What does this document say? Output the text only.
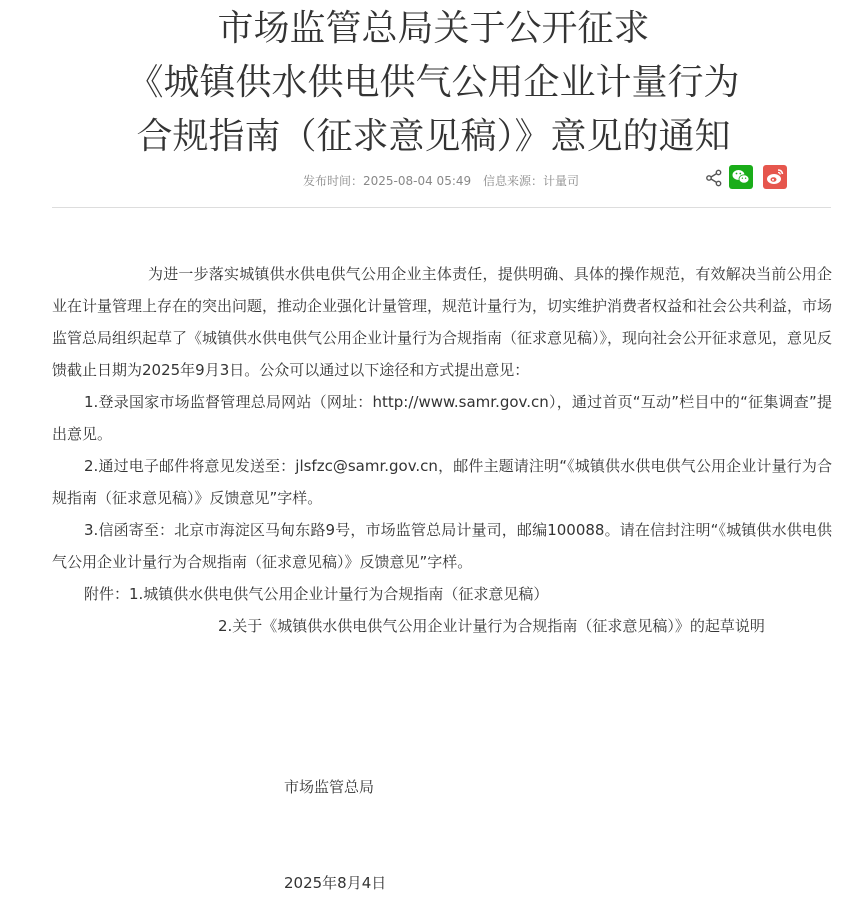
市场监管总局关于公开征求
《城镇供水供电供气公用企业计量行为
合规指南（征求意见稿）》意见的通知
发布时间：2025-08-04 05:49 信息来源：计量司

为进一步落实城镇供水供电供气公用企业主体责任，提供明确、具体的操作规范，有效解决当前公用企业在计量管理上存在的突出问题，推动企业强化计量管理，规范计量行为，切实维护消费者权益和社会公共利益，市场监管总局组织起草了《城镇供水供电供气公用企业计量行为合规指南（征求意见稿）》，现向社会公开征求意见，意见反馈截止日期为2025年9月3日。公众可以通过以下途径和方式提出意见：

1.登录国家市场监督管理总局网站（网址：http://www.samr.gov.cn），通过首页“互动”栏目中的“征集调查”提出意见。

2.通过电子邮件将意见发送至：jlsfzc@samr.gov.cn，邮件主题请注明“《城镇供水供电供气公用企业计量行为合规指南（征求意见稿）》反馈意见”字样。

3.信函寄至：北京市海淀区马甸东路9号，市场监管总局计量司，邮编100088。请在信封注明“《城镇供水供电供气公用企业计量行为合规指南（征求意见稿）》反馈意见”字样。

附件：1.城镇供水供电供气公用企业计量行为合规指南（征求意见稿）

2.关于《城镇供水供电供气公用企业计量行为合规指南（征求意见稿）》的起草说明

市场监管总局
2025年8月4日
